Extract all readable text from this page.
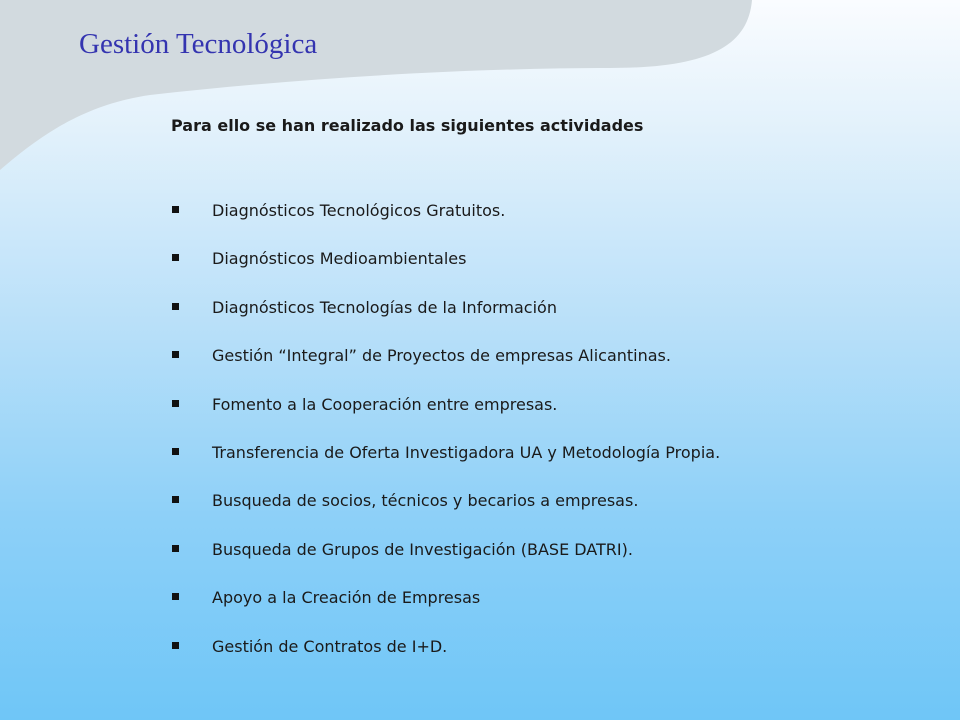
Gestión Tecnológica
Para ello se han realizado las siguientes actividades
Diagnósticos Tecnológicos Gratuitos.
Diagnósticos Medioambientales
Diagnósticos Tecnologías de la Información
Gestión “Integral” de Proyectos de empresas Alicantinas.
Fomento a la Cooperación entre empresas.
Transferencia de Oferta Investigadora UA y Metodología Propia.
Busqueda de socios, técnicos y becarios a empresas.
Busqueda de Grupos de Investigación (BASE DATRI).
Apoyo a la Creación de Empresas
Gestión de Contratos de I+D.
